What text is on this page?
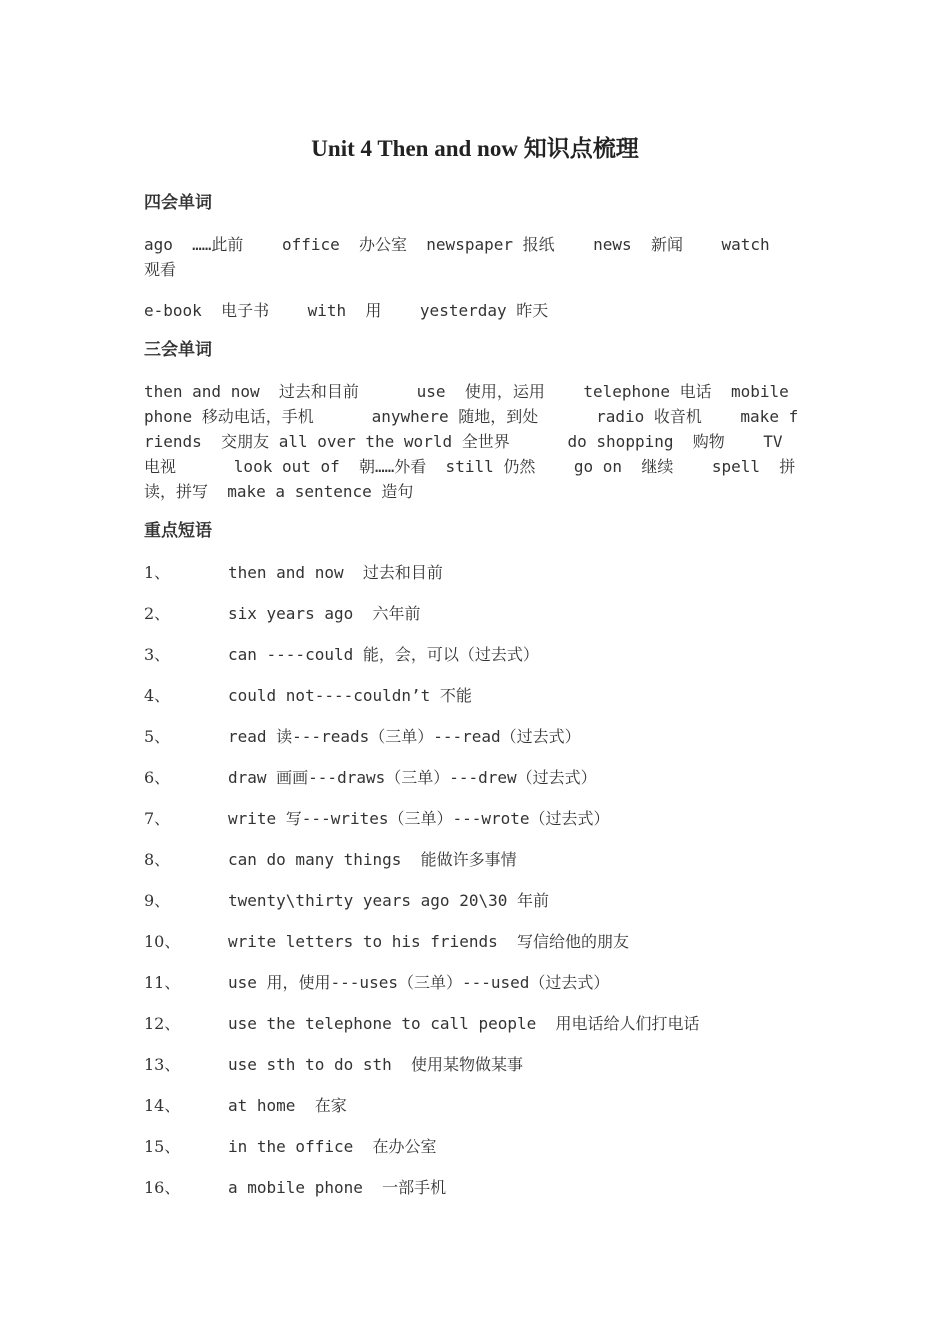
Unit 4 Then and now 知识点梳理
四会单词
ago  ……此前    office  办公室  newspaper 报纸    news  新闻    watch  观看
e-book  电子书    with  用    yesterday 昨天
三会单词
then and now  过去和目前      use  使用，运用    telephone 电话  mobile phone 移动电话，手机      anywhere 随地，到处      radio 收音机    make friends  交朋友 all over the world 全世界      do shopping  购物    TV  电视      look out of  朝……外看  still 仍然    go on  继续    spell  拼读，拼写  make a sentence 造句
重点短语

1、

	then and now  过去和目前

2、

	six years ago  六年前

3、

	can ----could 能，会，可以（过去式）

4、

	could not----couldn’t 不能

5、

	read 读---reads（三单）---read（过去式）

6、

	draw 画画---draws（三单）---drew（过去式）

7、

	write 写---writes（三单）---wrote（过去式）

8、

	can do many things  能做许多事情

9、

	twenty\thirty years ago 20\30 年前

10、

	write letters to his friends  写信给他的朋友

11、

	use 用，使用---uses（三单）---used（过去式）

12、

	use the telephone to call people  用电话给人们打电话

13、

	use sth to do sth  使用某物做某事

14、

	at home  在家

15、

	in the office  在办公室

16、

	a mobile phone  一部手机
